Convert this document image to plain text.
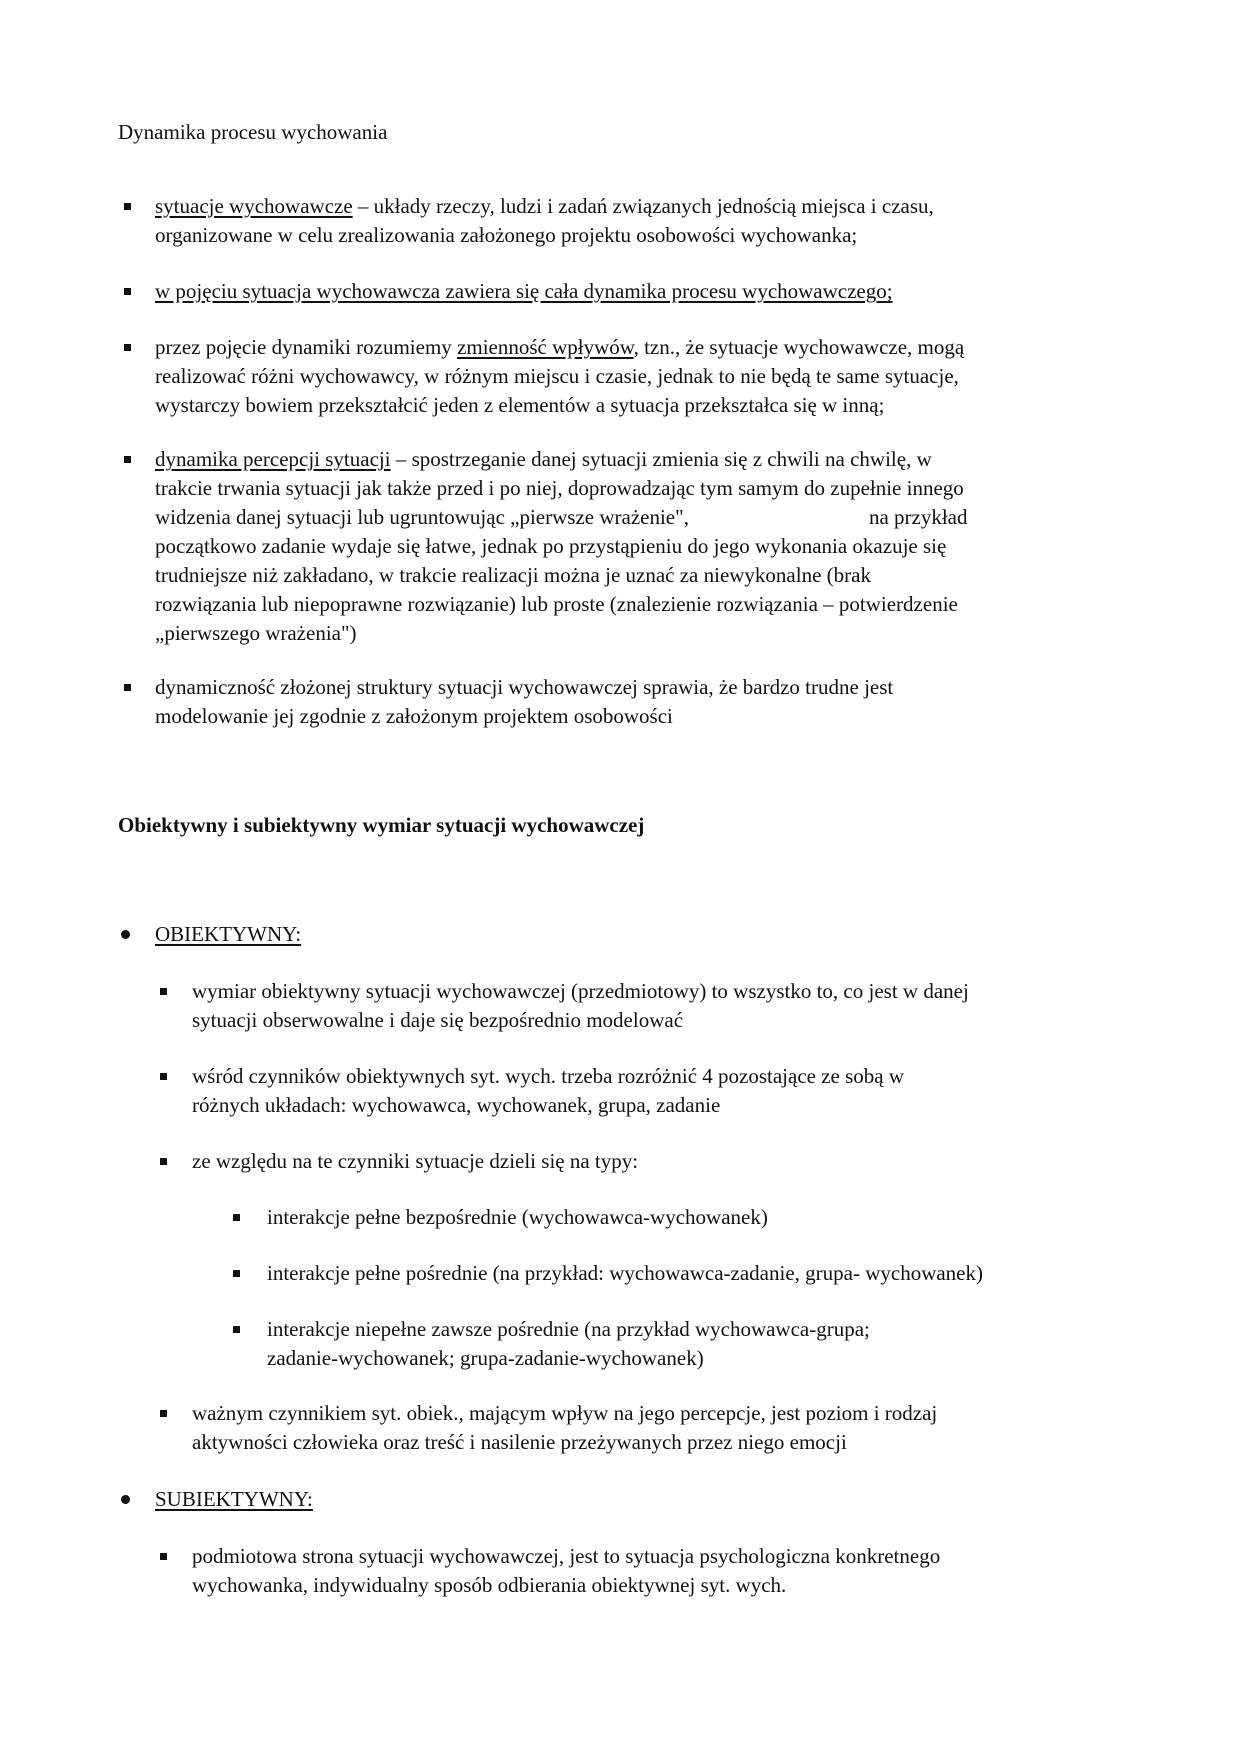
Dynamika procesu wychowania

sytuacje wychowawcze – układy rzeczy, ludzi i zadań związanych jednością miejsca i czasu,
organizowane w celu zrealizowania założonego projektu osobowości wychowanka;
w pojęciu sytuacja wychowawcza zawiera się cała dynamika procesu wychowawczego;
przez pojęcie dynamiki rozumiemy zmienność wpływów, tzn., że sytuacje wychowawcze, mogą
realizować różni wychowawcy, w różnym miejscu i czasie, jednak to nie będą te same sytuacje,
wystarczy bowiem przekształcić jeden z elementów a sytuacja przekształca się w inną;
dynamika percepcji sytuacji – spostrzeganie danej sytuacji zmienia się z chwili na chwilę, w
trakcie trwania sytuacji jak także przed i po niej, doprowadzając tym samym do zupełnie innego
widzenia danej sytuacji lub ugruntowując „pierwsze wrażenie",	na przykład
początkowo zadanie wydaje się łatwe, jednak po przystąpieniu do jego wykonania okazuje się
trudniejsze niż zakładano, w trakcie realizacji można je uznać za niewykonalne (brak
rozwiązania lub niepoprawne rozwiązanie) lub proste (znalezienie rozwiązania – potwierdzenie
„pierwszego wrażenia")
dynamiczność złożonej struktury sytuacji wychowawczej sprawia, że bardzo trudne jest
modelowanie jej zgodnie z założonym projektem osobowości

Obiektywny i subiektywny wymiar sytuacji wychowawczej

OBIEKTYWNY:
wymiar obiektywny sytuacji wychowawczej (przedmiotowy) to wszystko to, co jest w danej
sytuacji obserwowalne i daje się bezpośrednio modelować
wśród czynników obiektywnych syt. wych. trzeba rozróżnić 4 pozostające ze sobą w
różnych układach: wychowawca, wychowanek, grupa, zadanie
ze względu na te czynniki sytuacje dzieli się na typy:
interakcje pełne bezpośrednie (wychowawca-wychowanek)
interakcje pełne pośrednie (na przykład: wychowawca-zadanie, grupa- wychowanek)
interakcje niepełne zawsze pośrednie (na przykład wychowawca-grupa;
zadanie-wychowanek; grupa-zadanie-wychowanek)
ważnym czynnikiem syt. obiek., mającym wpływ na jego percepcje, jest poziom i rodzaj
aktywności człowieka oraz treść i nasilenie przeżywanych przez niego emocji
SUBIEKTYWNY:
podmiotowa strona sytuacji wychowawczej, jest to sytuacja psychologiczna konkretnego
wychowanka, indywidualny sposób odbierania obiektywnej syt. wych.
